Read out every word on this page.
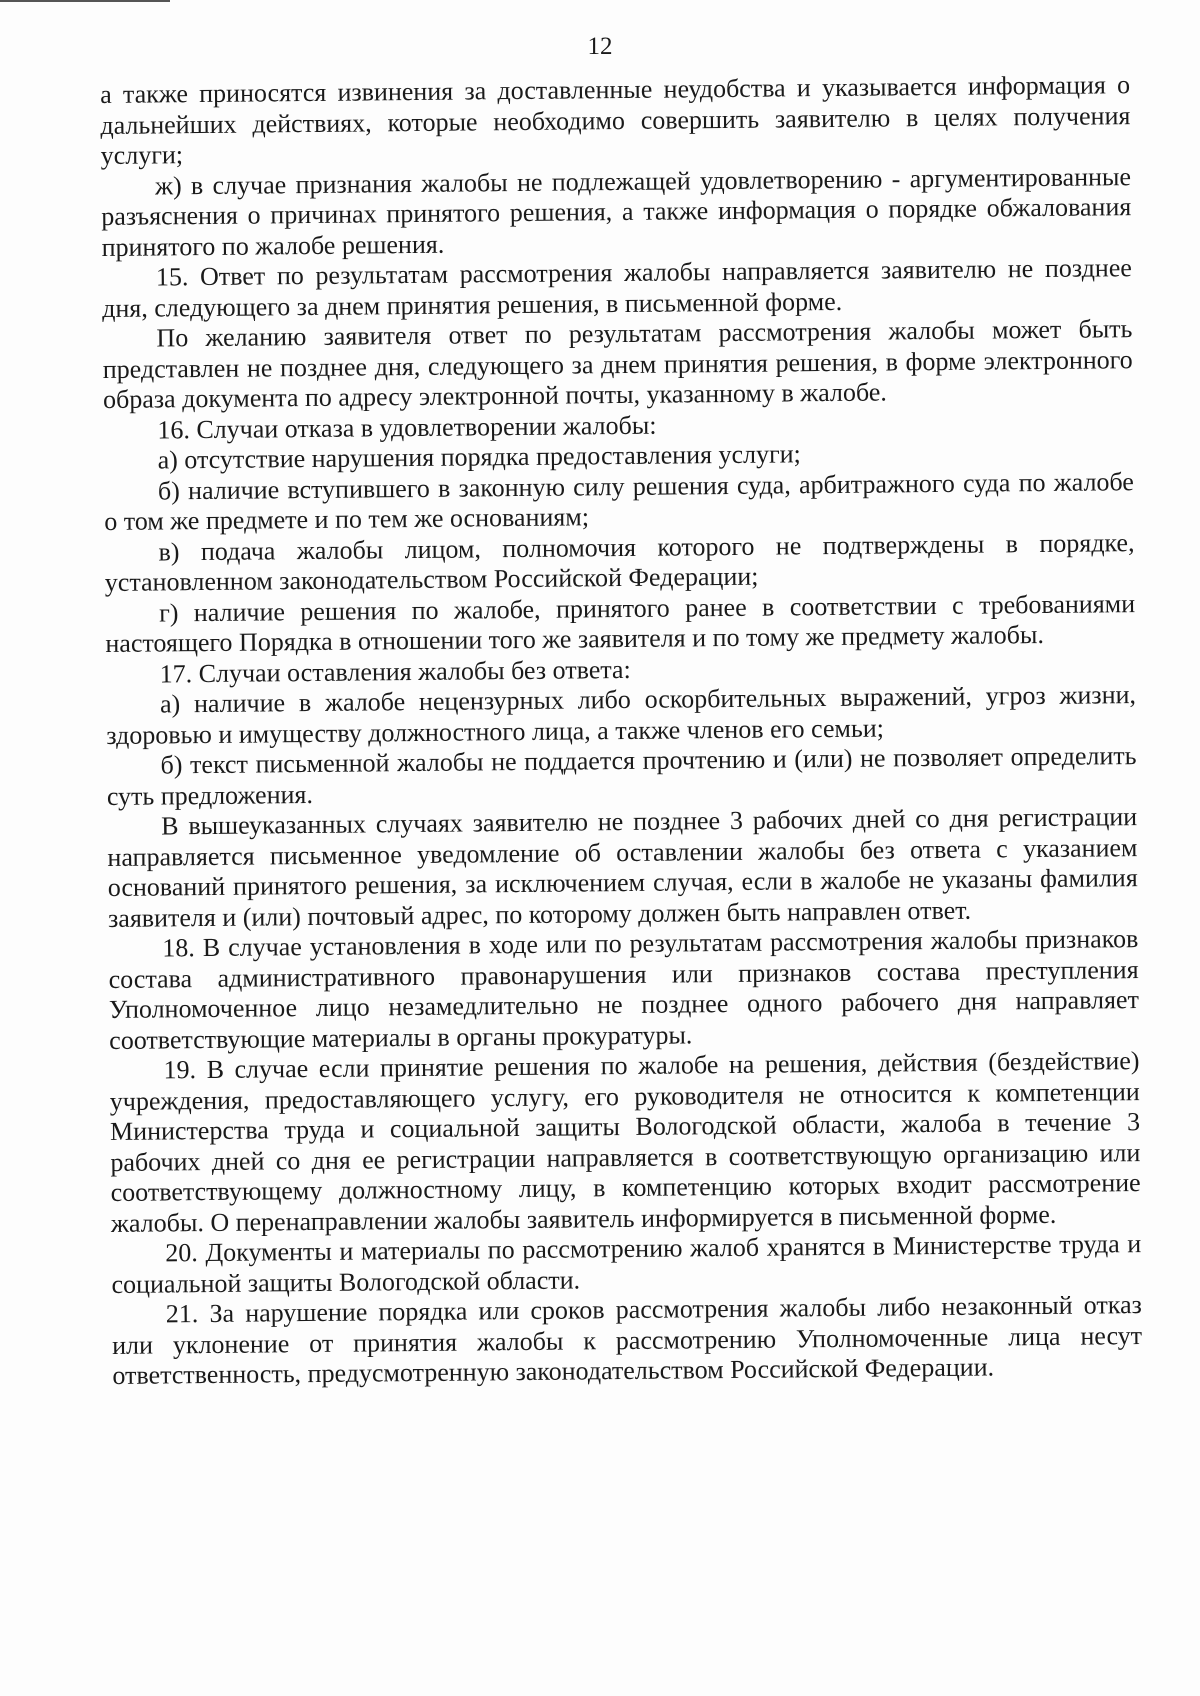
12

а также приносятся извинения за доставленные неудобства и указывается информация о дальнейших действиях, которые необходимо совершить заявителю в целях получения услуги;

ж) в случае признания жалобы не подлежащей удовлетворению - аргументированные разъяснения о причинах принятого решения, а также информация о порядке обжалования принятого по жалобе решения.

15. Ответ по результатам рассмотрения жалобы направляется заявителю не позднее дня, следующего за днем принятия решения, в письменной форме.

По желанию заявителя ответ по результатам рассмотрения жалобы может быть представлен не позднее дня, следующего за днем принятия решения, в форме электронного образа документа по адресу электронной почты, указанному в жалобе.

16. Случаи отказа в удовлетворении жалобы:

а) отсутствие нарушения порядка предоставления услуги;

б) наличие вступившего в законную силу решения суда, арбитражного суда по жалобе о том же предмете и по тем же основаниям;

в) подача жалобы лицом, полномочия которого не подтверждены в порядке, установленном законодательством Российской Федерации;

г) наличие решения по жалобе, принятого ранее в соответствии с требованиями настоящего Порядка в отношении того же заявителя и по тому же предмету жалобы.

17. Случаи оставления жалобы без ответа:

а) наличие в жалобе нецензурных либо оскорбительных выражений, угроз жизни, здоровью и имуществу должностного лица, а также членов его семьи;

б) текст письменной жалобы не поддается прочтению и (или) не позволяет определить суть предложения.

В вышеуказанных случаях заявителю не позднее 3 рабочих дней со дня регистрации направляется письменное уведомление об оставлении жалобы без ответа с указанием оснований принятого решения, за исключением случая, если в жалобе не указаны фамилия заявителя и (или) почтовый адрес, по которому должен быть направлен ответ.

18. В случае установления в ходе или по результатам рассмотрения жалобы признаков состава административного правонарушения или признаков состава преступления Уполномоченное лицо незамедлительно не позднее одного рабочего дня направляет соответствующие материалы в органы прокуратуры.

19. В случае если принятие решения по жалобе на решения, действия (бездействие) учреждения, предоставляющего услугу, его руководителя не относится к компетенции Министерства труда и социальной защиты Вологодской области, жалоба в течение 3 рабочих дней со дня ее регистрации направляется в соответствующую организацию или соответствующему должностному лицу, в компетенцию которых входит рассмотрение жалобы. О перенаправлении жалобы заявитель информируется в письменной форме.

20. Документы и материалы по рассмотрению жалоб хранятся в Министерстве труда и социальной защиты Вологодской области.

21. За нарушение порядка или сроков рассмотрения жалобы либо незаконный отказ или уклонение от принятия жалобы к рассмотрению Уполномоченные лица несут ответственность, предусмотренную законодательством Российской Федерации.
